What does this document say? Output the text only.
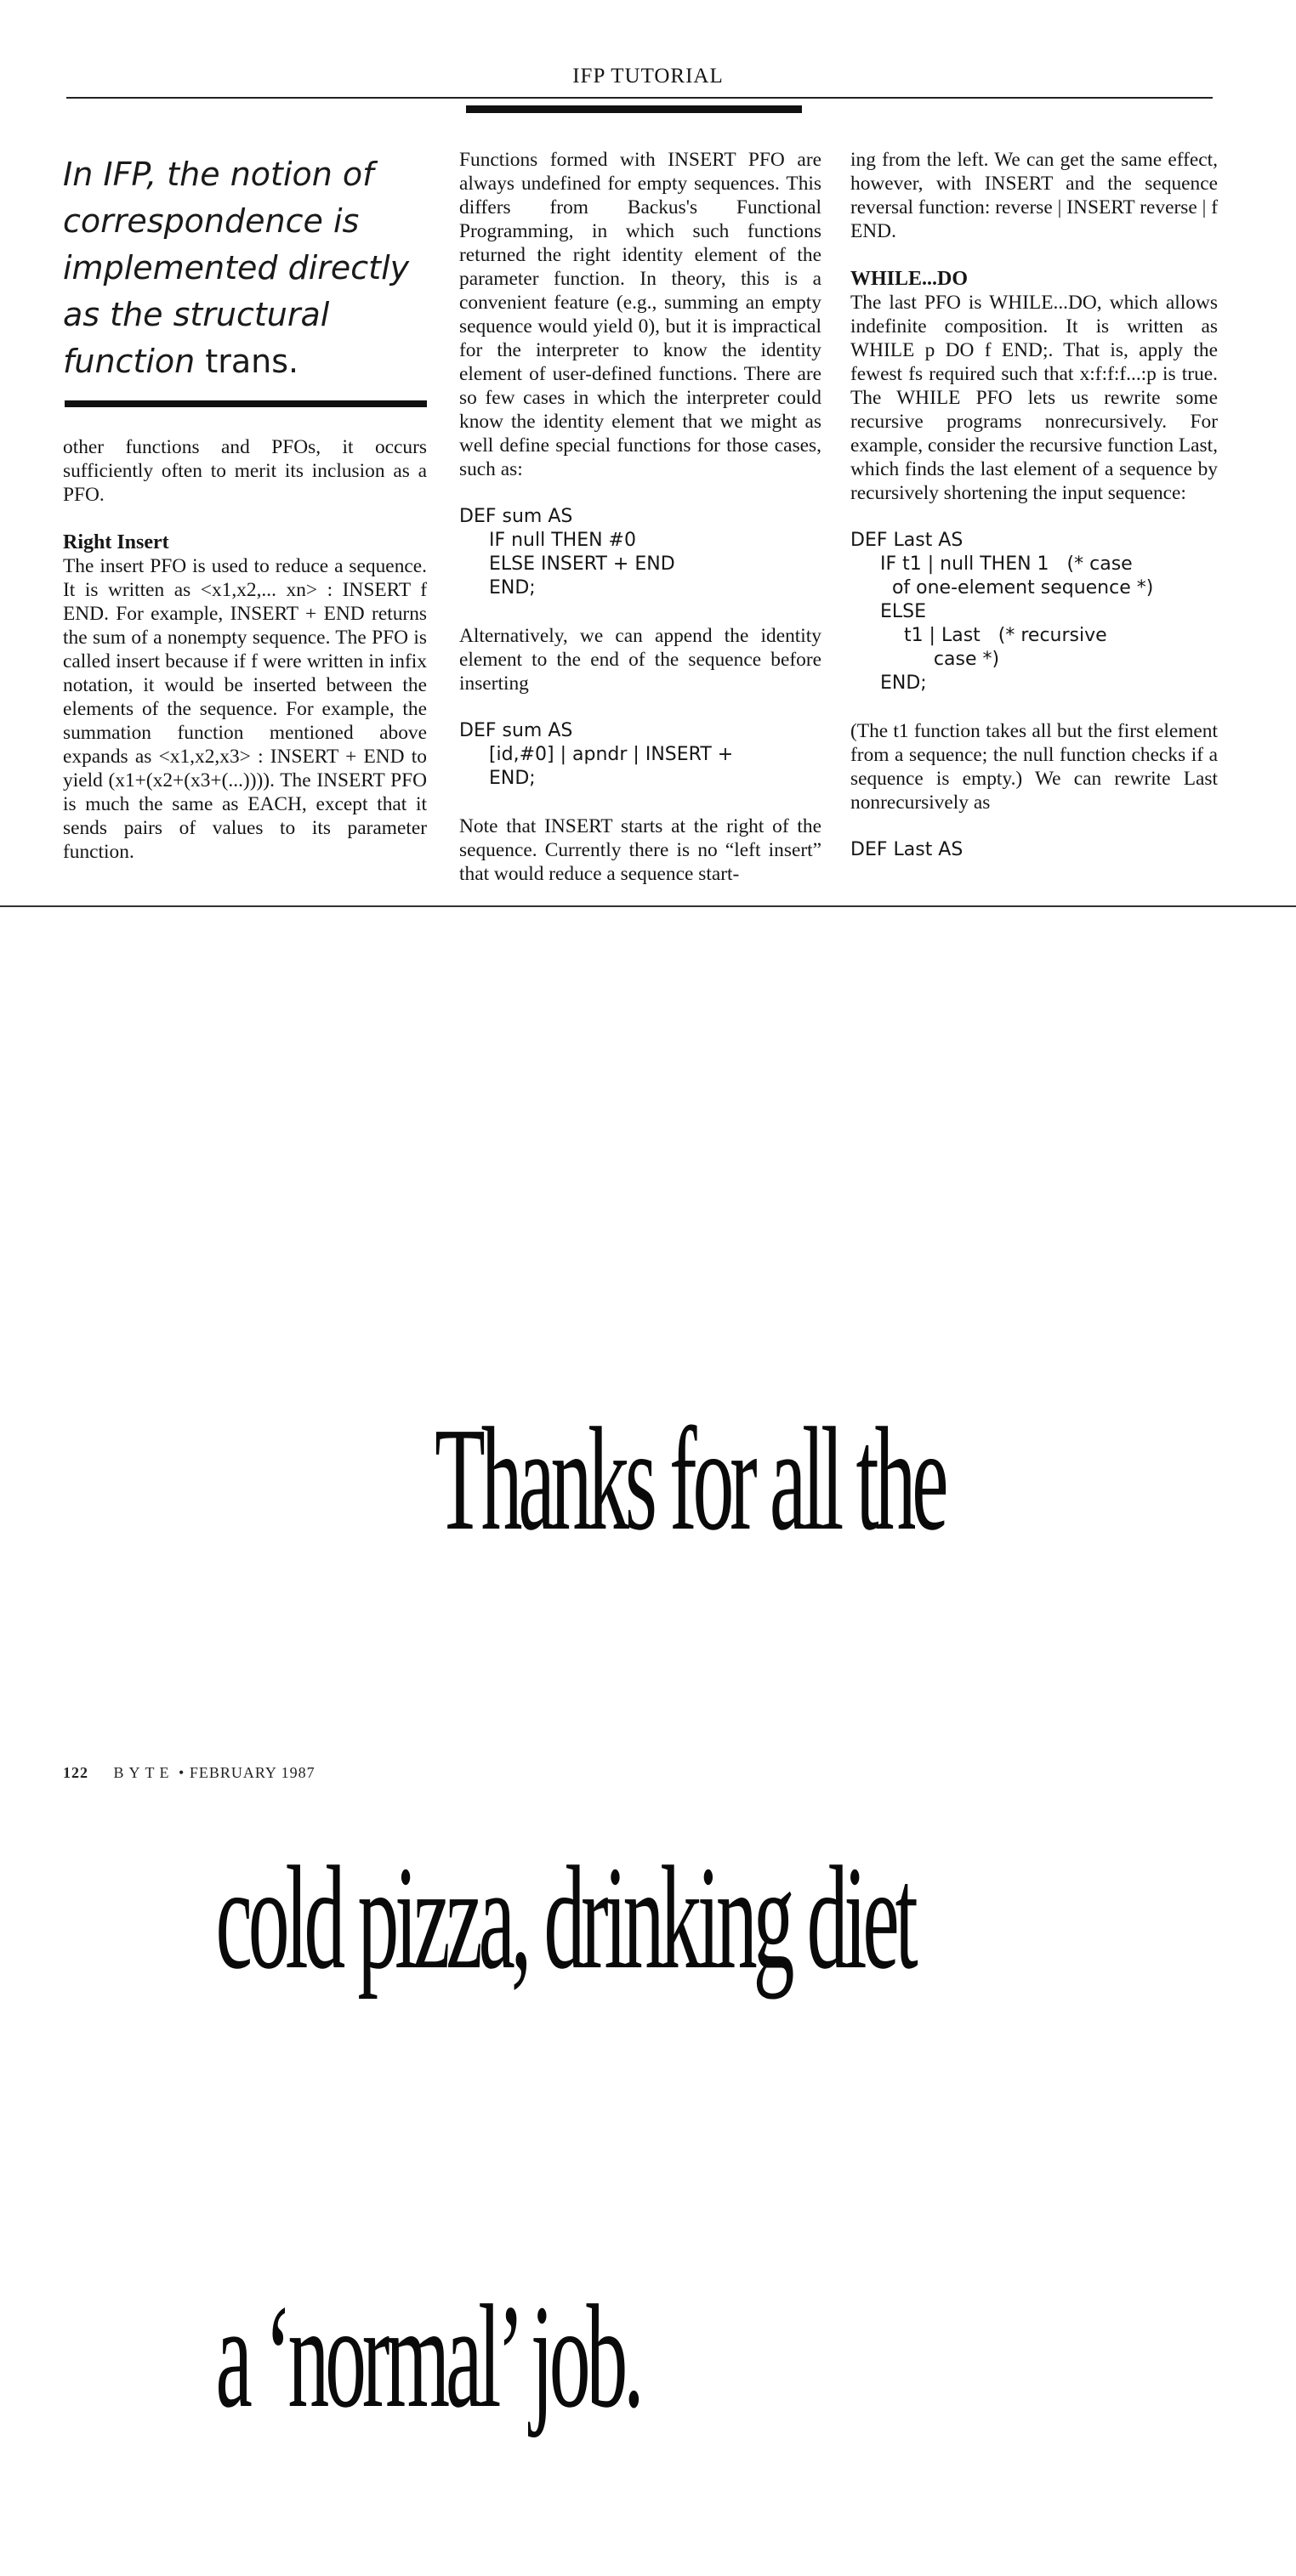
IFP TUTORIAL
In IFP, the notion of correspondence is implemented directly as the structural function trans.

other functions and PFOs, it occurs sufficiently often to merit its inclusion as a PFO.

Right Insert

The insert PFO is used to reduce a sequence. It is written as <x1,x2,... xn> : INSERT f END. For example, INSERT + END returns the sum of a nonempty sequence. The PFO is called insert because if f were written in infix notation, it would be inserted between the elements of the sequence. For example, the summation function mentioned above expands as <x1,x2,x3> : INSERT + END to yield (x1+(x2+(x3+(...)))). The INSERT PFO is much the same as EACH, except that it sends pairs of values to its parameter function.

Functions formed with INSERT PFO are always undefined for empty sequences. This differs from Backus's Functional Programming, in which such functions returned the right identity element of the parameter function. In theory, this is a convenient feature (e.g., summing an empty sequence would yield 0), but it is impractical for the interpreter to know the identity element of user-defined functions. There are so few cases in which the interpreter could know the identity element that we might as well define special functions for those cases, such as:

DEF sum AS
IF null THEN #0
ELSE INSERT + END
END;

Alternatively, we can append the identity element to the end of the sequence before inserting

DEF sum AS
[id,#0] | apndr | INSERT +
END;

Note that INSERT starts at the right of the sequence. Currently there is no “left insert” that would reduce a sequence start-

ing from the left. We can get the same effect, however, with INSERT and the sequence reversal function: reverse | INSERT reverse | f END.

WHILE...DO

The last PFO is WHILE...DO, which allows indefinite composition. It is written as WHILE p DO f END;. That is, apply the fewest fs required such that x:f:f:f...:p is true. The WHILE PFO lets us rewrite some recursive programs nonrecursively. For example, consider the recursive function Last, which finds the last element of a sequence by recursively shortening the input sequence:

DEF Last AS
IF t1 | null THEN 1   (* case
of one-element sequence *)
ELSE
t1 | Last   (* recursive
case *)
END;

(The t1 function takes all but the first element from a sequence; the null function checks if a sequence is empty.) We can rewrite Last nonrecursively as

DEF Last AS

Thanks for all the

cold pizza, drinking diet

a ‘normal’ job.

122 BYTE • FEBRUARY 1987
